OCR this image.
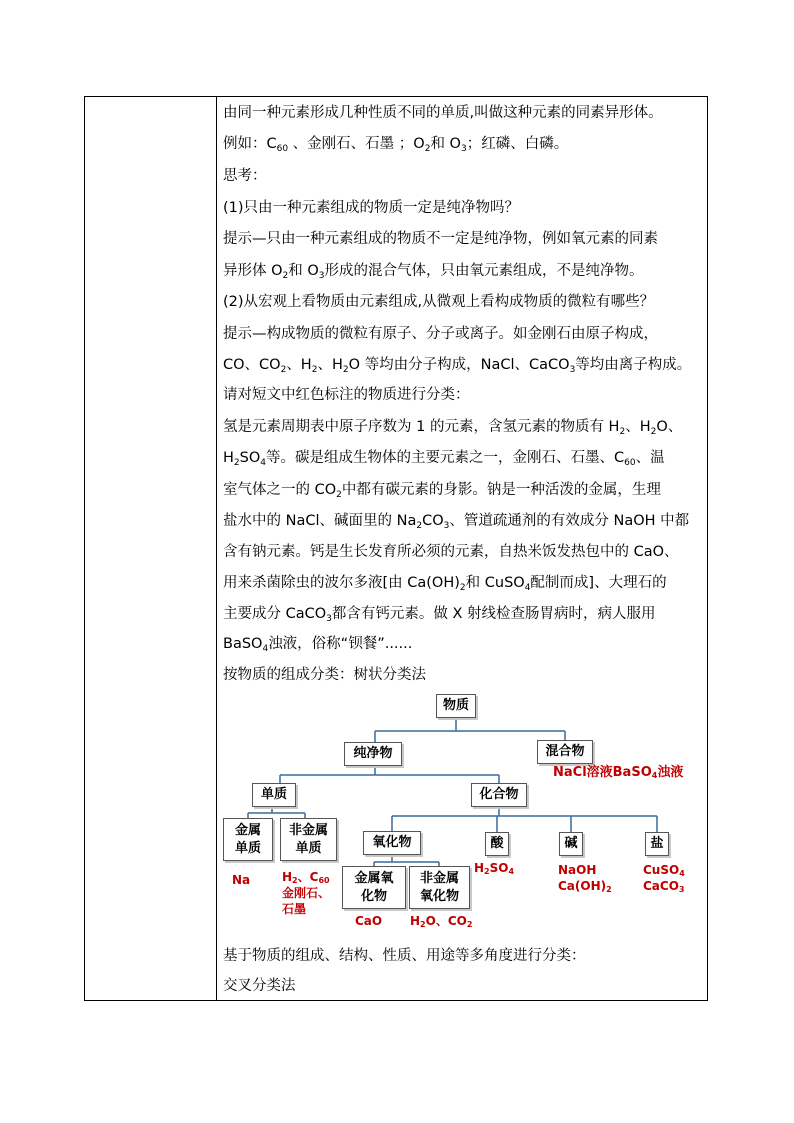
由同一种元素形成几种性质不同的单质,叫做这种元素的同素异形体。
例如：$C_{60}$ 、金刚石、石墨 ；$O_2$和 $O_3$；红磷、白磷。
思考：
(1)只由一种元素组成的物质一定是纯净物吗？
提示—只由一种元素组成的物质不一定是纯净物，例如氧元素的同素
异形体 $O_2$和 $O_3$形成的混合气体，只由氧元素组成，不是纯净物。
(2)从宏观上看物质由元素组成,从微观上看构成物质的微粒有哪些？
提示—构成物质的微粒有原子、分子或离子。如金刚石由原子构成，
CO、$CO_2$、$H_2$、$H_2O$ 等均由分子构成，NaCl、CaCO$_3$等均由离子构成。
请对短文中红色标注的物质进行分类：
氢是元素周期表中原子序数为 1 的元素，含氢元素的物质有 $H_2$、$H_2O$、
$H_2SO_4$等。碳是组成生物体的主要元素之一，金刚石、石墨、$C_{60}$、温
室气体之一的 $CO_2$中都有碳元素的身影。钠是一种活泼的金属，生理
盐水中的 NaCl、碱面里的 $Na_2CO_3$、管道疏通剂的有效成分 NaOH 中都
含有钠元素。钙是生长发育所必须的元素，自热米饭发热包中的 CaO、
用来杀菌除虫的波尔多液[由 $Ca(OH)_2$和 CuSO$_4$配制而成]、大理石的
主要成分 CaCO$_3$都含有钙元素。做 X 射线检查肠胃病时，病人服用
BaSO$_4$浊液，俗称“钡餐”......
按物质的组成分类：树状分类法
物质
纯净物	混合物
单质	化合物
金属
单质
非金属
单质	氧化物	酸	碱	盐
金属氧
化物
非金属
氧化物
NaCl溶液BaSO$_4$浊液
Na	$H_2$、$C_{60}$
金刚石、
石墨
$H_2SO_4$	NaOH
$Ca(OH)_2$
CuSO$_4$
CaCO$_3$
CaO $H_2O$、$CO_2$
基于物质的组成、结构、性质、用途等多角度进行分类：
交叉分类法
